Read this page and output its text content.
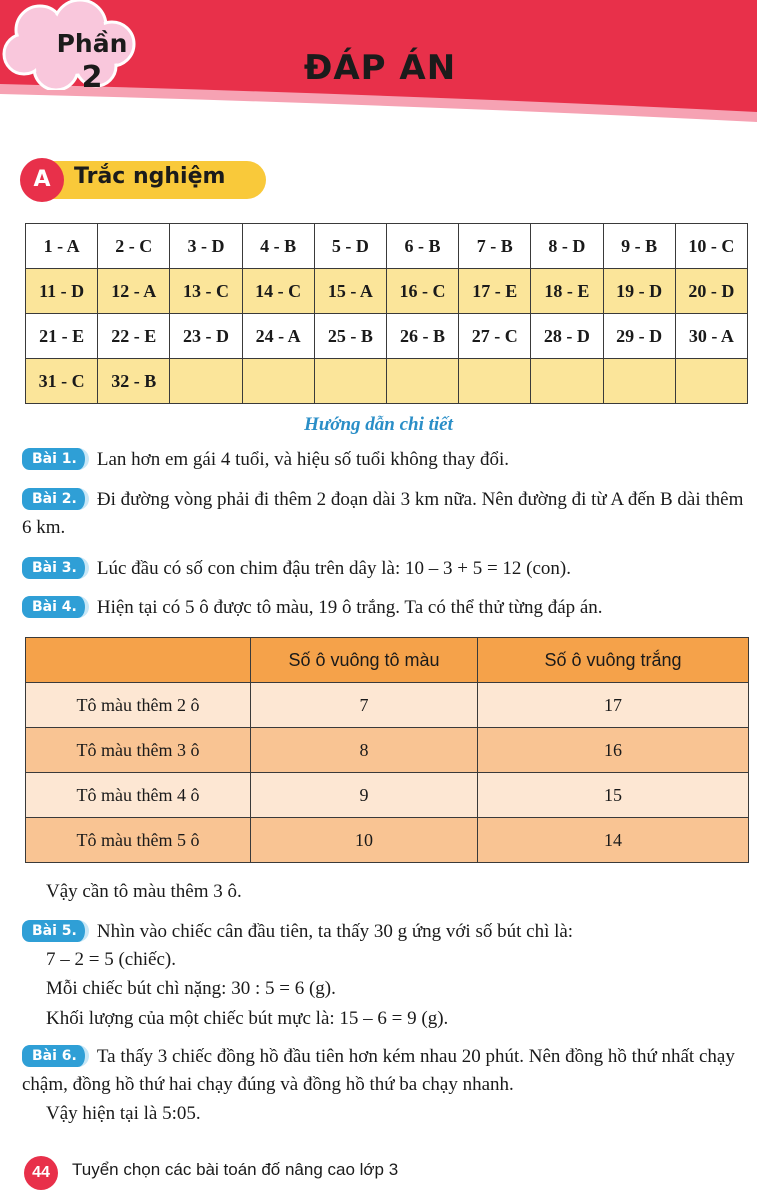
Phần
2	ĐÁP ÁN
A	Trắc nghiệm
1 - A	2 - C	3 - D	4 - B	5 - D	6 - B	7 - B	8 - D	9 - B	10 - C
11 - D	12 - A	13 - C	14 - C	15 - A	16 - C	17 - E	18 - E	19 - D	20 - D
21 - E	22 - E	23 - D	24 - A	25 - B	26 - B	27 - C	28 - D	29 - D	30 - A
31 - C	32 - B								
Hướng dẫn chi tiết
Bài 1. Lan hơn em gái 4 tuổi, và hiệu số tuổi không thay đổi.
Bài 2. Đi đường vòng phải đi thêm 2 đoạn dài 3 km nữa. Nên đường đi từ A đến B dài thêm 6 km.
Bài 3. Lúc đầu có số con chim đậu trên dây là: 10 – 3 + 5 = 12 (con).
Bài 4. Hiện tại có 5 ô được tô màu, 19 ô trắng. Ta có thể thử từng đáp án.
	Số ô vuông tô màu	Số ô vuông trắng
Tô màu thêm 2 ô	7	17
Tô màu thêm 3 ô	8	16
Tô màu thêm 4 ô	9	15
Tô màu thêm 5 ô	10	14
Vậy cần tô màu thêm 3 ô.
Bài 5. Nhìn vào chiếc cân đầu tiên, ta thấy 30 g ứng với số bút chì là:
7 – 2 = 5 (chiếc).
Mỗi chiếc bút chì nặng: 30 : 5 = 6 (g).
Khối lượng của một chiếc bút mực là: 15 – 6 = 9 (g).
Bài 6. Ta thấy 3 chiếc đồng hồ đầu tiên hơn kém nhau 20 phút. Nên đồng hồ thứ nhất chạy chậm, đồng hồ thứ hai chạy đúng và đồng hồ thứ ba chạy nhanh.
Vậy hiện tại là 5:05.
44	Tuyển chọn các bài toán đố nâng cao lớp 3
